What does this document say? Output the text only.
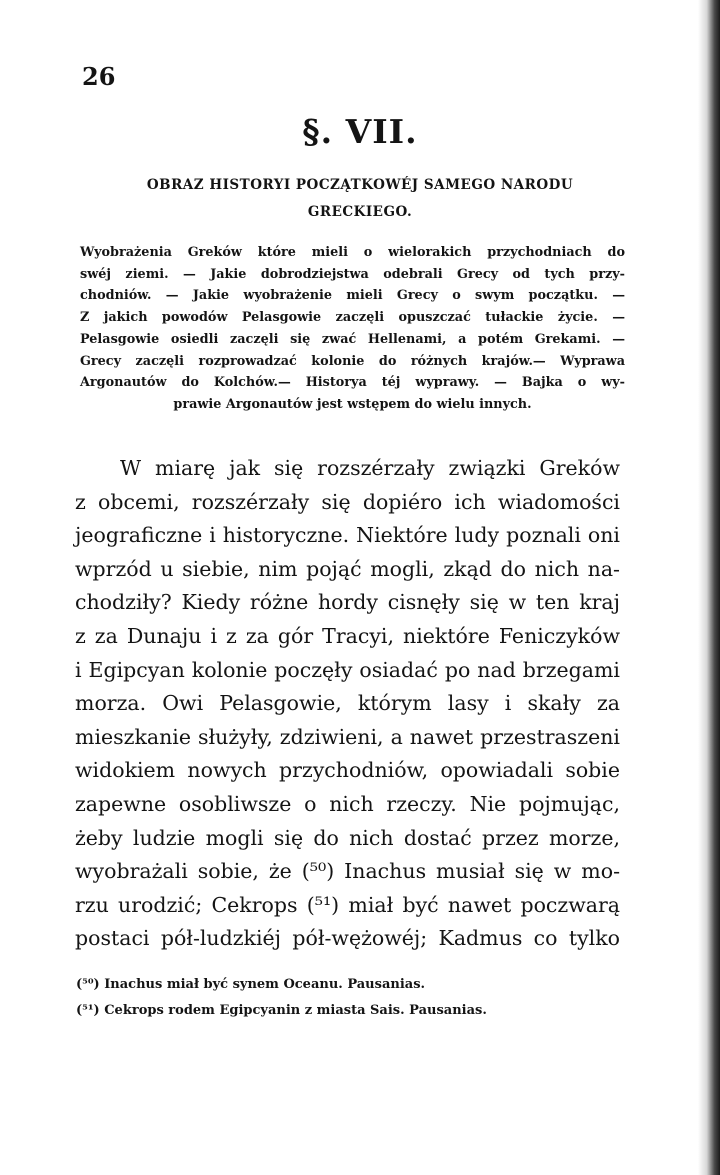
26
§. VII.
OBRAZ HISTORYI POCZĄTKOWÉJ SAMEGO NARODU
GRECKIEGO.
Wyobrażenia Greków które mieli o wielorakich przychodniach do
swéj ziemi. — Jakie dobrodziejstwa odebrali Grecy od tych przy-
chodniów. — Jakie wyobrażenie mieli Grecy o swym początku. —
Z jakich powodów Pelasgowie zaczęli opuszczać tułackie życie. —
Pelasgowie osiedli zaczęli się zwać Hellenami, a potém Grekami. —
Grecy zaczęli rozprowadzać kolonie do różnych krajów.— Wyprawa
Argonautów do Kolchów.— Historya téj wyprawy. — Bajka o wy-
prawie Argonautów jest wstępem do wielu innych.
W miarę jak się rozszérzały związki Greków
z obcemi, rozszérzały się dopiéro ich wiadomości
jeograficzne i historyczne. Niektóre ludy poznali oni
wprzód u siebie, nim pojąć mogli, zkąd do nich na-
chodziły? Kiedy różne hordy cisnęły się w ten kraj
z za Dunaju i z za gór Tracyi, niektóre Feniczyków
i Egipcyan kolonie poczęły osiadać po nad brzegami
morza. Owi Pelasgowie, którym lasy i skały za
mieszkanie służyły, zdziwieni, a nawet przestraszeni
widokiem nowych przychodniów, opowiadali sobie
zapewne osobliwsze o nich rzeczy. Nie pojmując,
żeby ludzie mogli się do nich dostać przez morze,
wyobrażali sobie, że (⁵⁰) Inachus musiał się w mo-
rzu urodzić; Cekrops (⁵¹) miał być nawet poczwarą
postaci pół-ludzkiéj pół-wężowéj; Kadmus co tylko
(⁵⁰) Inachus miał być synem Oceanu. Pausanias.
(⁵¹) Cekrops rodem Egipcyanin z miasta Sais. Pausanias.
